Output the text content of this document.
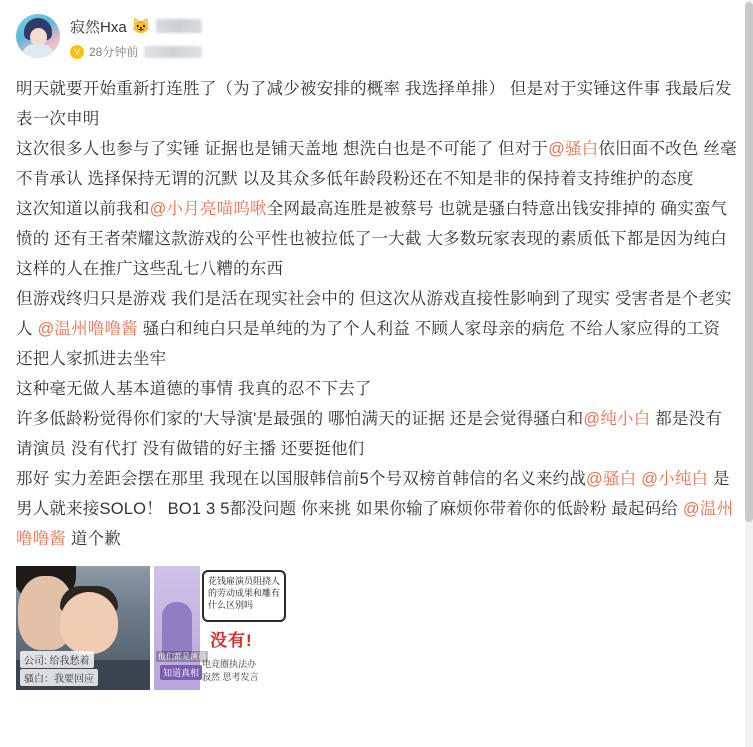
寂然Hxa 😺
V 28分钟前

明天就要开始重新打连胜了（为了减少被安排的概率 我选择单排） 但是对于实锤这件事 我最后发表一次申明

这次很多人也参与了实锤 证据也是铺天盖地 想洗白也是不可能了 但对于@骚白依旧面不改色 丝毫不肯承认 选择保持无谓的沉默 以及其众多低年龄段粉还在不知是非的保持着支持维护的态度

这次知道以前我和@小月亮喵呜啾全网最高连胜是被蔡号 也就是骚白特意出钱安排掉的 确实蛮气愤的 还有王者荣耀这款游戏的公平性也被拉低了一大截 大多数玩家表现的素质低下都是因为纯白这样的人在推广这些乱七八糟的东西

但游戏终归只是游戏 我们是活在现实社会中的 但这次从游戏直接性影响到了现实 受害者是个老实人 @温州噜噜酱 骚白和纯白只是单纯的为了个人利益 不顾人家母亲的病危 不给人家应得的工资 还把人家抓进去坐牢

这种毫无做人基本道德的事情 我真的忍不下去了

许多低龄粉觉得你们家的'大导演'是最强的 哪怕满天的证据 还是会觉得骚白和@纯小白 都是没有请演员 没有代打 没有做错的好主播 还要挺他们

那好 实力差距会摆在那里 我现在以国服韩信前5个号双榜首韩信的名义来约战@骚白 @小纯白 是男人就来接SOLO！ BO1 3 5都没问题 你来挑 如果你输了麻烦你带着你的低龄粉 最起码给 @温州噜噜酱 道个歉

公司: 给我愁着
骚白：我要回应
花钱雇演员阻挠人的劳动成果和雕有什么区别吗
没有!
他们都是演员
知道真相
电竞圈执法办
寂然 思考发言
